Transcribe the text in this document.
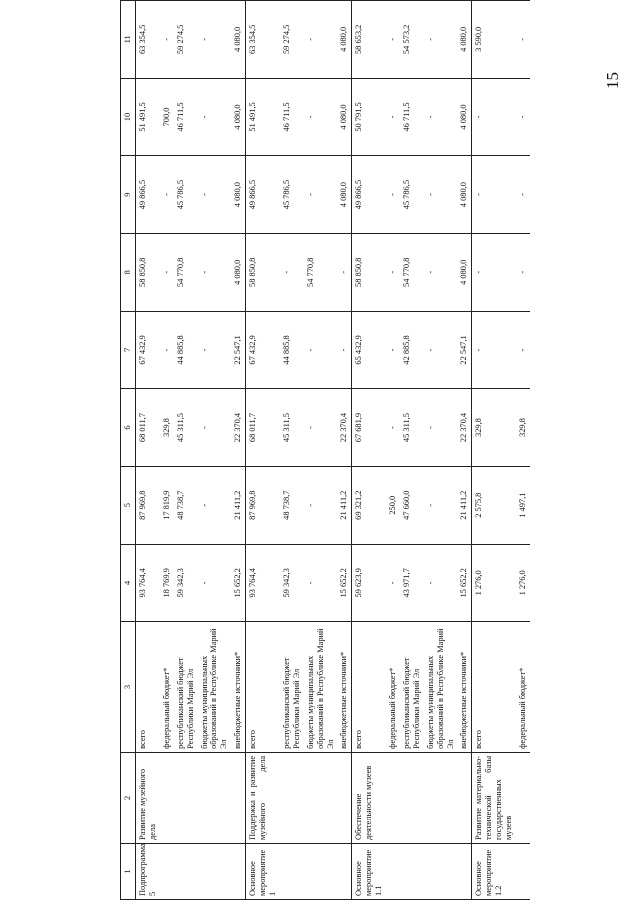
15
1	2	3	4	5	6	7	8	9	10	11
Подпрограмма 5	Развитие музейного дела	всего	93 764,4	87 969,8	68 011,7	67 432,9	58 850,8	49 866,5	51 491,5	63 354,5
		федеральный бюджет*	18 769,9	17 819,9	329,8	-	-	-	700,0	-
		республиканский бюджет Республики Марий Эл	59 342,3	48 738,7	45 311,5	44 885,8	54 770,8	45 786,5	46 711,5	59 274,5
		бюджеты муниципальных образований в Республике Марий Эл	-	-	-	-	-	-	-	-
		внебюджетные источники*	15 652,2	21 411,2	22 370,4	22 547,1	4 080,0	4 080,0	4 080,0	4 080,0
Основное мероприятие 1	Поддержка и развитие музейного дела	всего	93 764,4	87 969,8	68 011,7	67 432,9	58 850,8	49 866,5	51 491,5	63 354,5
		республиканский бюджет Республики Марий Эл	59 342,3	48 738,7	45 311,5	44 885,8	-	45 786,5	46 711,5	59 274,5
		бюджеты муниципальных образований в Республике Марий Эл	-	-	-	-	54 770,8	-	-	-
		внебюджетные источники*	15 652,2	21 411,2	22 370,4	-	-	4 080,0	4 080,0	4 080,0
Основное мероприятие 1.1	Обеспечение деятельности музеев	всего	59 623,9	69 321,2	67 681,9	65 432,9	58 850,8	49 866,5	50 791,5	58 653,2
		федеральный бюджет*	-	250,0	-	-	-	-	-	-
		республиканский бюджет Республики Марий Эл	43 971,7	47 660,0	45 311,5	42 885,8	54 770,8	45 786,5	46 711,5	54 573,2
		бюджеты муниципальных образований в Республике Марий Эл	-	-	-	-	-	-	-	-
		внебюджетные источники*	15 652,2	21 411,2	22 370,4	22 547,1	4 080,0	4 080,0	4 080,0	4 080,0
Основное мероприятие 1.2	Развитие материально-технической базы государственных музеев	всего	1 276,0	2 575,8	329,8	-	-	-	-	3 590,0
		федеральный бюджет*	1 276,0	1 497,1	329,8	-	-	-	-	-
